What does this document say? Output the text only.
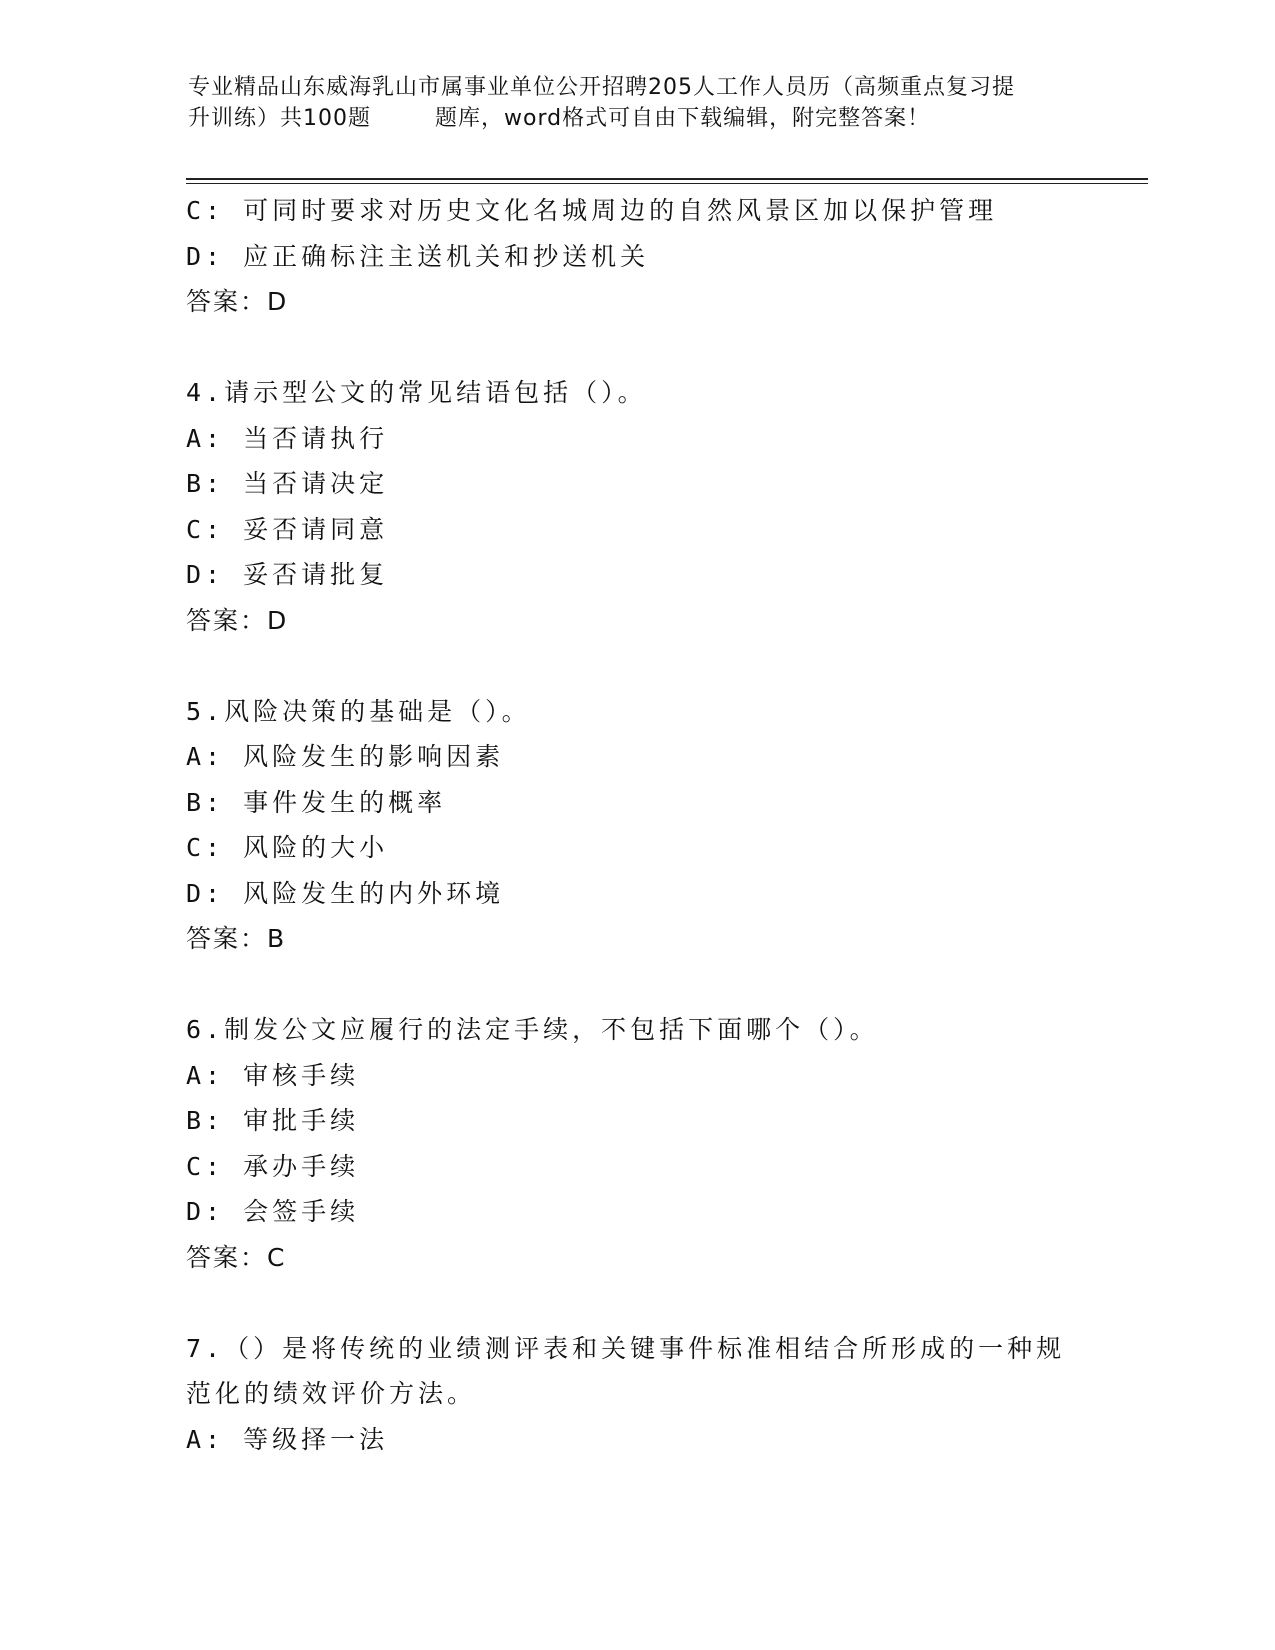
专业精品山东威海乳山市属事业单位公开招聘205人工作人员历（高频重点复习提
升训练）共100题	题库，word格式可自由下载编辑，附完整答案！
C: 可同时要求对历史文化名城周边的自然风景区加以保护管理
D: 应正确标注主送机关和抄送机关
答案：D
4.请示型公文的常见结语包括（）。
A: 当否请执行
B: 当否请决定
C: 妥否请同意
D: 妥否请批复
答案：D
5.风险决策的基础是（）。
A: 风险发生的影响因素
B: 事件发生的概率
C: 风险的大小
D: 风险发生的内外环境
答案：B
6.制发公文应履行的法定手续，不包括下面哪个（）。
A: 审核手续
B: 审批手续
C: 承办手续
D: 会签手续
答案：C
7.（）是将传统的业绩测评表和关键事件标准相结合所形成的一种规
范化的绩效评价方法。
A: 等级择一法
